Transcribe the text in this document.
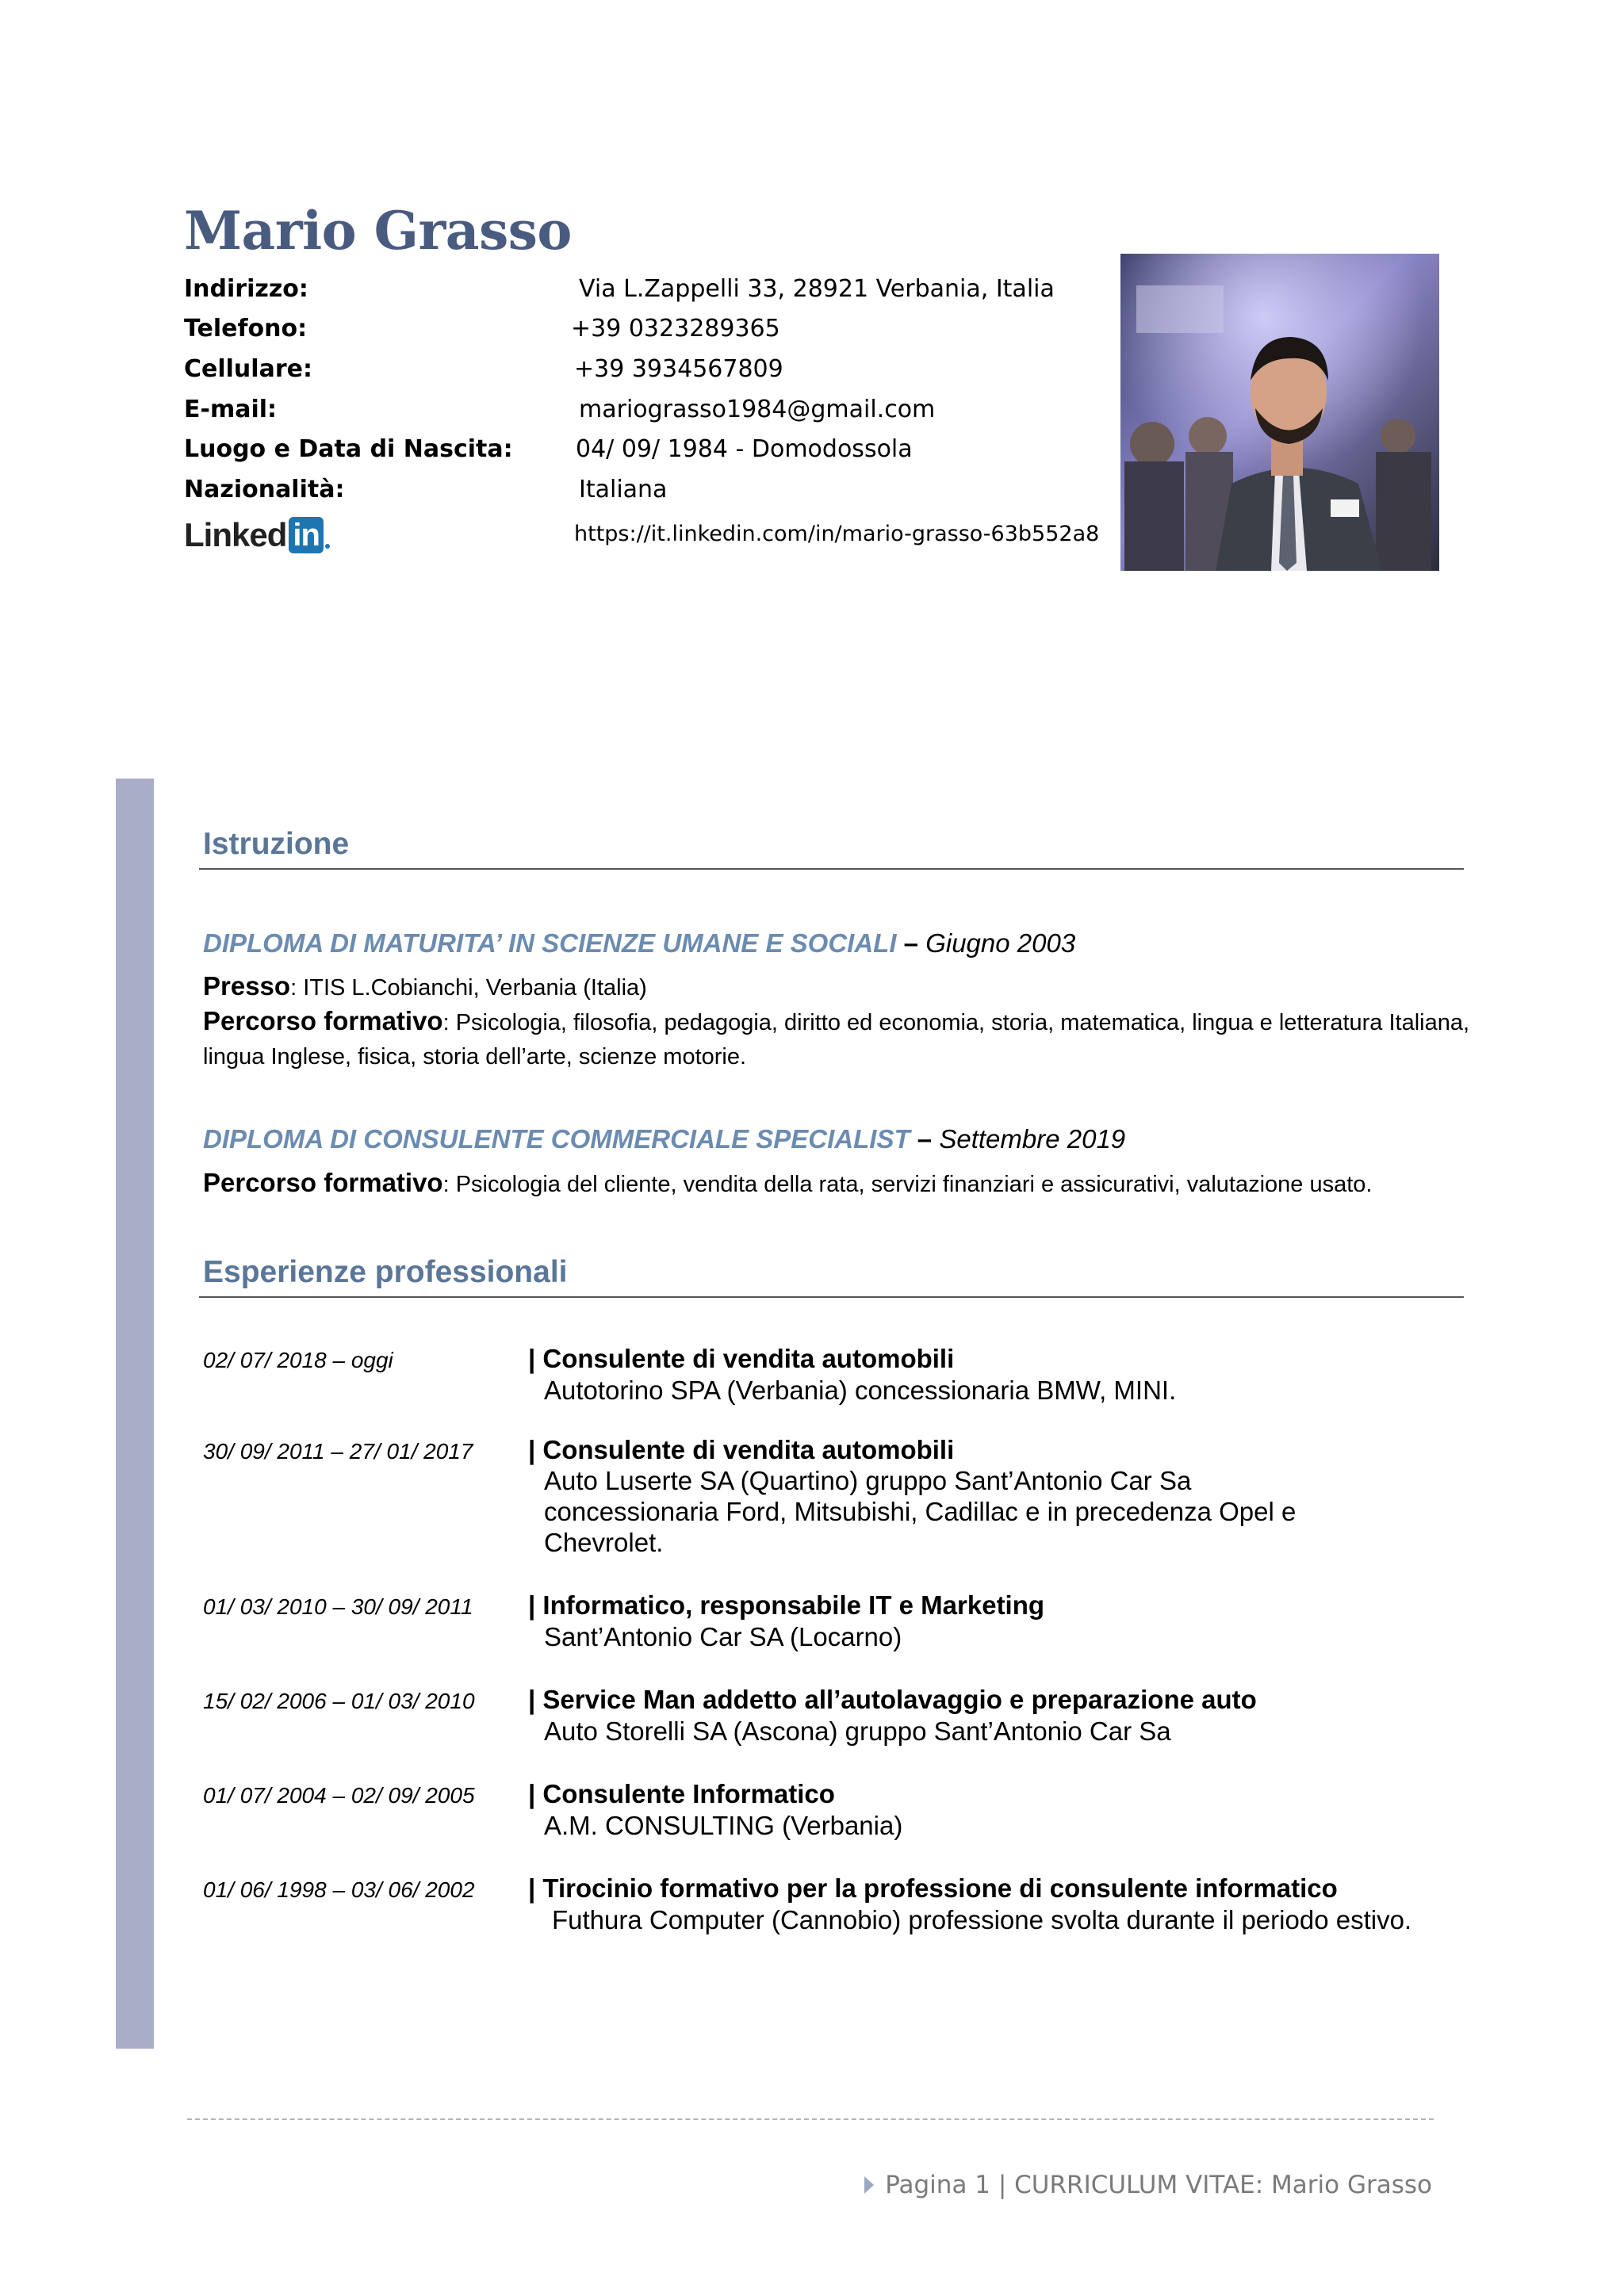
Mario Grasso
Indirizzo:	Via L.Zappelli 33, 28921 Verbania, Italia
Telefono:	+39 0323289365
Cellulare:	+39 3934567809
E-mail:	mariograsso1984@gmail.com
Luogo e Data di Nascita:	04/ 09/ 1984 - Domodossola
Nazionalità:	Italiana
Linked in	https://it.linkedin.com/in/mario-grasso-63b552a8
Istruzione
DIPLOMA DI MATURITA’ IN SCIENZE UMANE E SOCIALI – Giugno 2003
Presso: ITIS L.Cobianchi, Verbania (Italia)
Percorso formativo: Psicologia, filosofia, pedagogia, diritto ed economia, storia, matematica, lingua e letteratura Italiana, lingua Inglese, fisica, storia dell’arte, scienze motorie.
DIPLOMA DI CONSULENTE COMMERCIALE SPECIALIST – Settembre 2019
Percorso formativo: Psicologia del cliente, vendita della rata, servizi finanziari e assicurativi, valutazione usato.
Esperienze professionali
02/ 07/ 2018 – oggi	| Consulente di vendita automobili
Autotorino SPA (Verbania) concessionaria BMW, MINI.
30/ 09/ 2011 – 27/ 01/ 2017 | Consulente di vendita automobili
Auto Luserte SA (Quartino) gruppo Sant’Antonio Car Sa concessionaria Ford, Mitsubishi, Cadillac e in precedenza Opel e Chevrolet.
01/ 03/ 2010 – 30/ 09/ 2011 | Informatico, responsabile IT e Marketing
Sant’Antonio Car SA (Locarno)
15/ 02/ 2006 – 01/ 03/ 2010 | Service Man addetto all’autolavaggio e preparazione auto
Auto Storelli SA (Ascona) gruppo Sant’Antonio Car Sa
01/ 07/ 2004 – 02/ 09/ 2005 | Consulente Informatico
A.M. CONSULTING (Verbania)
01/ 06/ 1998 – 03/ 06/ 2002 | Tirocinio formativo per la professione di consulente informatico
Futhura Computer (Cannobio) professione svolta durante il periodo estivo.
Pagina 1 | CURRICULUM VITAE: Mario Grasso
